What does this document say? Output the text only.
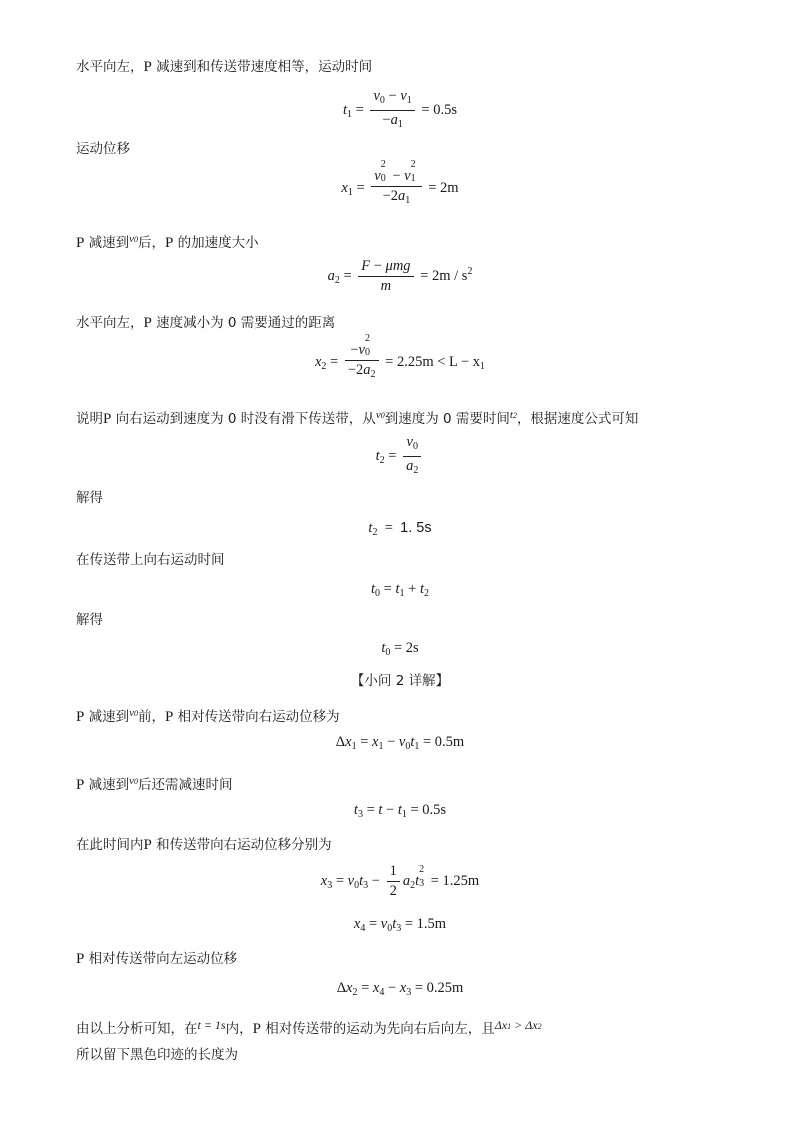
水平向左，P 减速到和传送带速度相等，运动时间
$t_1 = \frac{v_0 - v_1}{-a_1} = 0.5s$
运动位移
$x_1 = v$
2
0 − v
2
1
$-2a_1 = 2m$
P 减速到$^{v0}$后，P 的加速度大小
$a_2 = \frac{\text{F − μmg}}{m} = 2m / s^2$
水平向左，P 速度减小为 0 需要通过的距离
$x_2 = -v$
2
0
$-2a_2 = 2.25m < L - x_1$
说明P 向右运动到速度为 0 时没有滑下传送带，从$^{v0}$到速度为 0 需要时间$^{t2}$，根据速度公式可知
$t_2 = \frac{v_0}{a_2}$
解得
$t_2 = 1$. 5s
在传送带上向右运动时间
$t_0 = t_1 + t_2$
解得
$t_0 = 2s$
【小问 2 详解】
P 减速到$^{v0}$前，P 相对传送带向右运动位移为
$\Delta x_1 = x_1 - v_0t_1 = 0.5m$
P 减速到$^{v0}$后还需减速时间
$t_3 = t - t_1 = 0.5s$
在此时间内P 和传送带向右运动位移分别为
$x_3 = v_0t_3 - \frac{1}{2} a_2t$
2
3 = 1.25m
$x_4 = v_0t_3 = 1.5m$
P 相对传送带向左运动位移
$\Delta x_2 = x_4 - x_3 = 0.25m$
由以上分析可知，在t = 1s内，P 相对传送带的运动为先向右后向左，且Δx1 > Δx2
所以留下黑色印迹的长度为
